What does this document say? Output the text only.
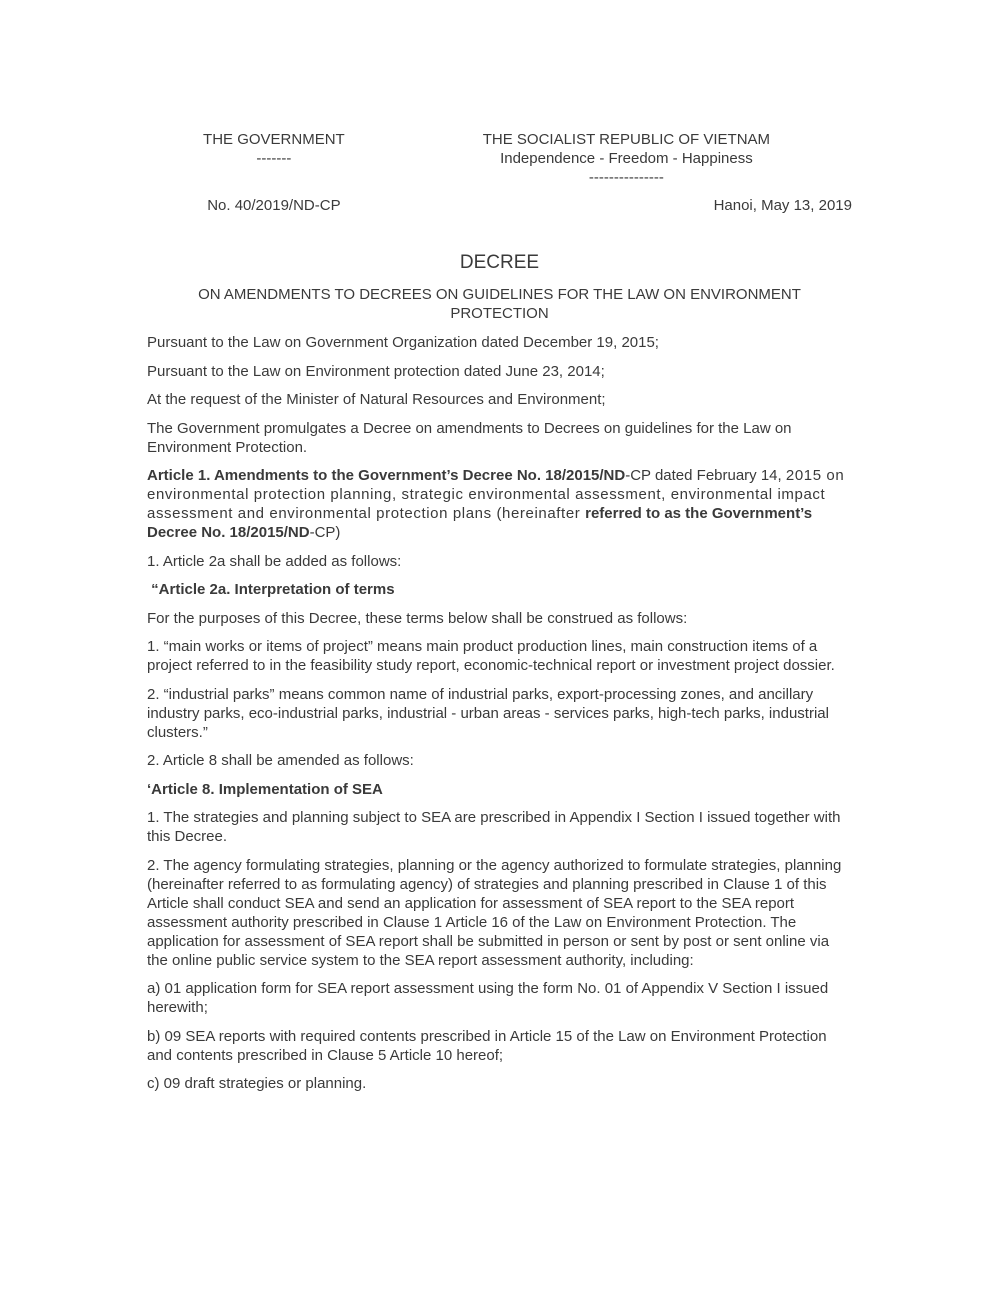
THE GOVERNMENT
-------
THE SOCIALIST REPUBLIC OF VIETNAM
Independence - Freedom - Happiness
---------------
No. 40/2019/ND-CP	Hanoi, May 13, 2019
DECREE
ON AMENDMENTS TO DECREES ON GUIDELINES FOR THE LAW ON ENVIRONMENT PROTECTION

Pursuant to the Law on Government Organization dated December 19, 2015;

Pursuant to the Law on Environment protection dated June 23, 2014;

At the request of the Minister of Natural Resources and Environment;

The Government promulgates a Decree on amendments to Decrees on guidelines for the Law on Environment Protection.

Article 1. Amendments to the Government’s Decree No. 18/2015/ND-CP dated February 14, 2015 on environmental protection planning, strategic environmental assessment, environmental impact assessment and environmental protection plans (hereinafter referred to as the Government’s Decree No. 18/2015/ND-CP)

1. Article 2a shall be added as follows:

“Article 2a. Interpretation of terms

For the purposes of this Decree, these terms below shall be construed as follows:

1. “main works or items of project” means main product production lines, main construction items of a project referred to in the feasibility study report, economic-technical report or investment project dossier.

2. “industrial parks” means common name of industrial parks, export-processing zones, and ancillary industry parks, eco-industrial parks, industrial - urban areas - services parks, high-tech parks, industrial clusters.”

2. Article 8 shall be amended as follows:

‘Article 8. Implementation of SEA

1. The strategies and planning subject to SEA are prescribed in Appendix I Section I issued together with this Decree.

2. The agency formulating strategies, planning or the agency authorized to formulate strategies, planning (hereinafter referred to as formulating agency) of strategies and planning prescribed in Clause 1 of this Article shall conduct SEA and send an application for assessment of SEA report to the SEA report assessment authority prescribed in Clause 1 Article 16 of the Law on Environment Protection. The application for assessment of SEA report shall be submitted in person or sent by post or sent online via the online public service system to the SEA report assessment authority, including:

a) 01 application form for SEA report assessment using the form No. 01 of Appendix V Section I issued herewith;

b) 09 SEA reports with required contents prescribed in Article 15 of the Law on Environment Protection and contents prescribed in Clause 5 Article 10 hereof;

c) 09 draft strategies or planning.
